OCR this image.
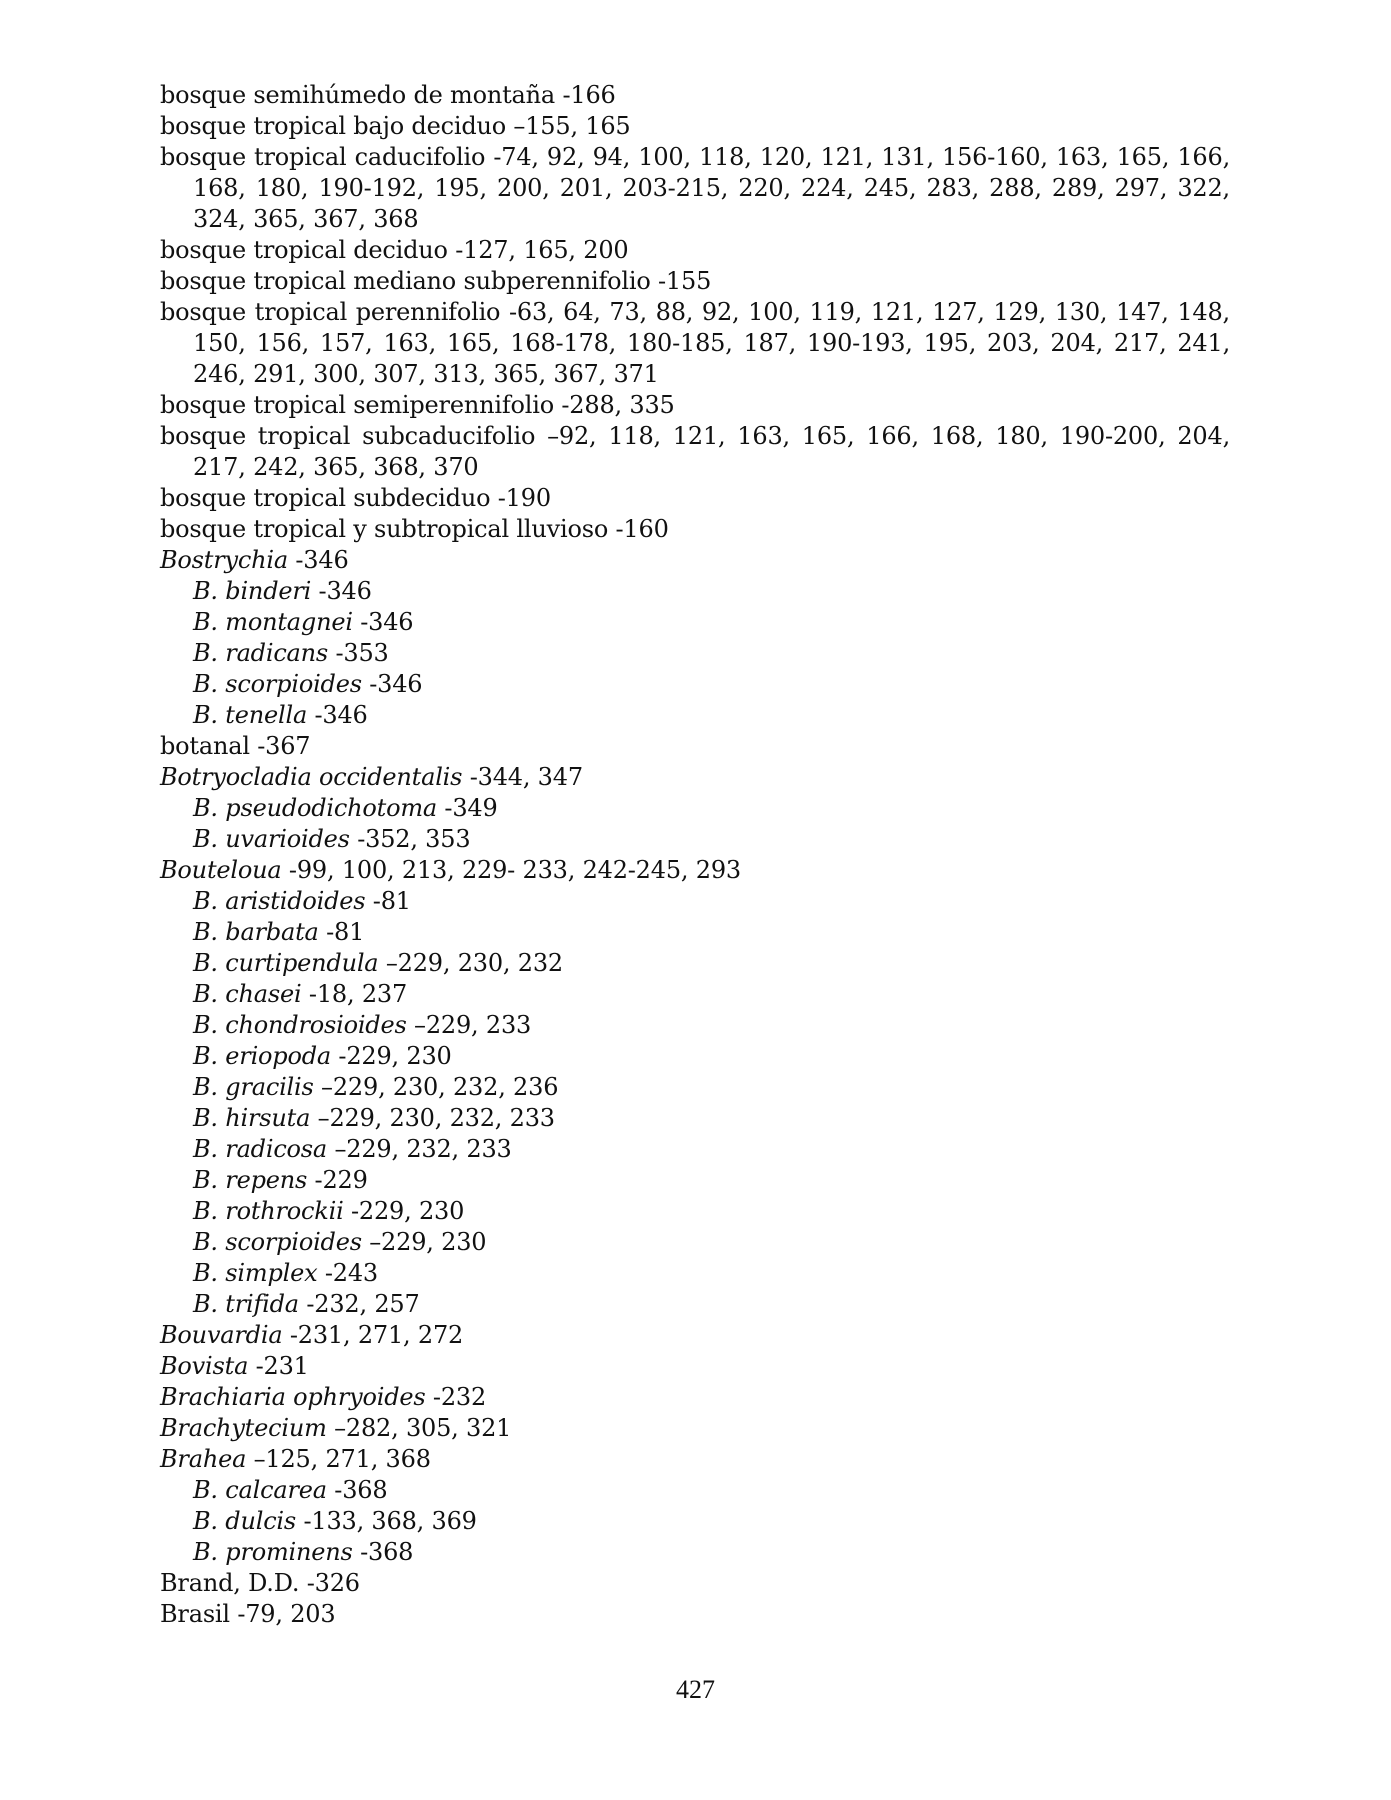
bosque semihúmedo de montaña -166
bosque tropical bajo deciduo –155, 165
bosque tropical caducifolio -74, 92, 94, 100, 118, 120, 121, 131, 156-160, 163, 165, 166, 168, 180, 190-192, 195, 200, 201, 203-215, 220, 224, 245, 283, 288, 289, 297, 322, 324, 365, 367, 368
bosque tropical deciduo -127, 165, 200
bosque tropical mediano subperennifolio -155
bosque tropical perennifolio -63, 64, 73, 88, 92, 100, 119, 121, 127, 129, 130, 147, 148, 150, 156, 157, 163, 165, 168-178, 180-185, 187, 190-193, 195, 203, 204, 217, 241, 246, 291, 300, 307, 313, 365, 367, 371
bosque tropical semiperennifolio -288, 335
bosque tropical subcaducifolio –92, 118, 121, 163, 165, 166, 168, 180, 190-200, 204, 217, 242, 365, 368, 370
bosque tropical subdeciduo -190
bosque tropical y subtropical lluvioso -160
Bostrychia -346
B. binderi -346
B. montagnei -346
B. radicans -353
B. scorpioides -346
B. tenella -346
botanal -367
Botryocladia occidentalis -344, 347
B. pseudodichotoma -349
B. uvarioides -352, 353
Bouteloua -99, 100, 213, 229- 233, 242-245, 293
B. aristidoides -81
B. barbata -81
B. curtipendula –229, 230, 232
B. chasei -18, 237
B. chondrosioides –229, 233
B. eriopoda -229, 230
B. gracilis –229, 230, 232, 236
B. hirsuta –229, 230, 232, 233
B. radicosa –229, 232, 233
B. repens -229
B. rothrockii -229, 230
B. scorpioides –229, 230
B. simplex -243
B. trifida -232, 257
Bouvardia -231, 271, 272
Bovista -231
Brachiaria ophryoides -232
Brachytecium –282, 305, 321
Brahea –125, 271, 368
B. calcarea -368
B. dulcis -133, 368, 369
B. prominens -368
Brand, D.D. -326
Brasil -79, 203
427
